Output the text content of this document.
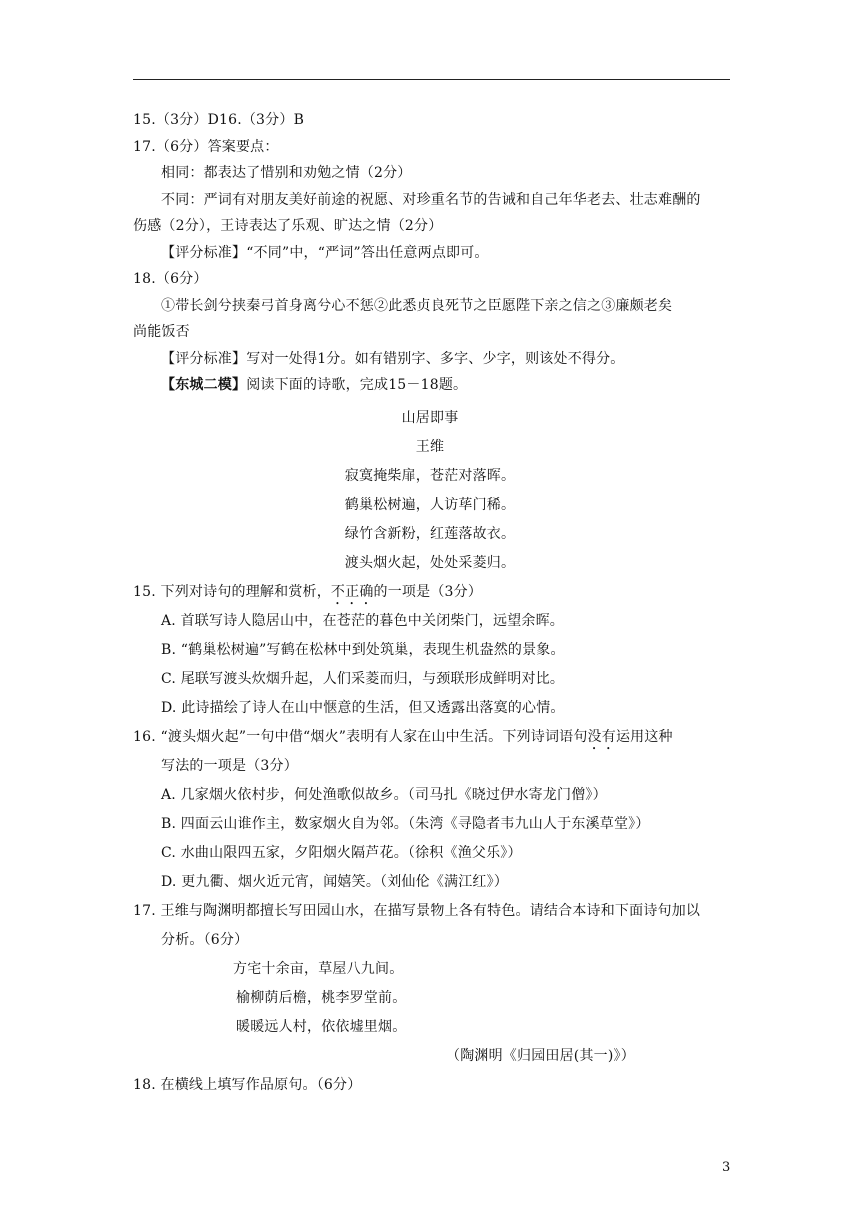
15.（3分）D16.（3分）B
17.（6分）答案要点：
相同：都表达了惜别和劝勉之情（2分）
不同：严词有对朋友美好前途的祝愿、对珍重名节的告诫和自己年华老去、壮志难酬的
伤感（2分），王诗表达了乐观、旷达之情（2分）
【评分标准】“不同”中，“严词”答出任意两点即可。
18.（6分）
①带长剑兮挟秦弓首身离兮心不惩②此悉贞良死节之臣愿陛下亲之信之③廉颇老矣
尚能饭否
【评分标准】写对一处得1分。如有错别字、多字、少字，则该处不得分。
【东城二模】阅读下面的诗歌，完成15－18题。
山居即事
王维
寂寞掩柴扉，苍茫对落晖。
鹤巢松树遍，人访荜门稀。
绿竹含新粉，红莲落故衣。
渡头烟火起，处处采菱归。
15. 下列对诗句的理解和赏析，不正确的一项是（3分）
A. 首联写诗人隐居山中，在苍茫的暮色中关闭柴门，远望余晖。
B. “鹤巢松树遍”写鹤在松林中到处筑巢，表现生机盎然的景象。
C. 尾联写渡头炊烟升起，人们采菱而归，与颈联形成鲜明对比。
D. 此诗描绘了诗人在山中惬意的生活，但又透露出落寞的心情。
16. “渡头烟火起”一句中借“烟火”表明有人家在山中生活。下列诗词语句没有运用这种
写法的一项是（3分）
A. 几家烟火依村步，何处渔歌似故乡。（司马扎《晓过伊水寄龙门僧》）
B. 四面云山谁作主，数家烟火自为邻。（朱湾《寻隐者韦九山人于东溪草堂》）
C. 水曲山限四五家，夕阳烟火隔芦花。（徐积《渔父乐》）
D. 更九衢、烟火近元宵，闻嬉笑。（刘仙伦《满江红》）
17. 王维与陶渊明都擅长写田园山水，在描写景物上各有特色。请结合本诗和下面诗句加以
分析。（6分）
方宅十余亩，草屋八九间。
榆柳荫后檐，桃李罗堂前。
暖暖远人村，依依墟里烟。
（陶渊明《归园田居(其一)》）
18. 在横线上填写作品原句。（6分）
3
